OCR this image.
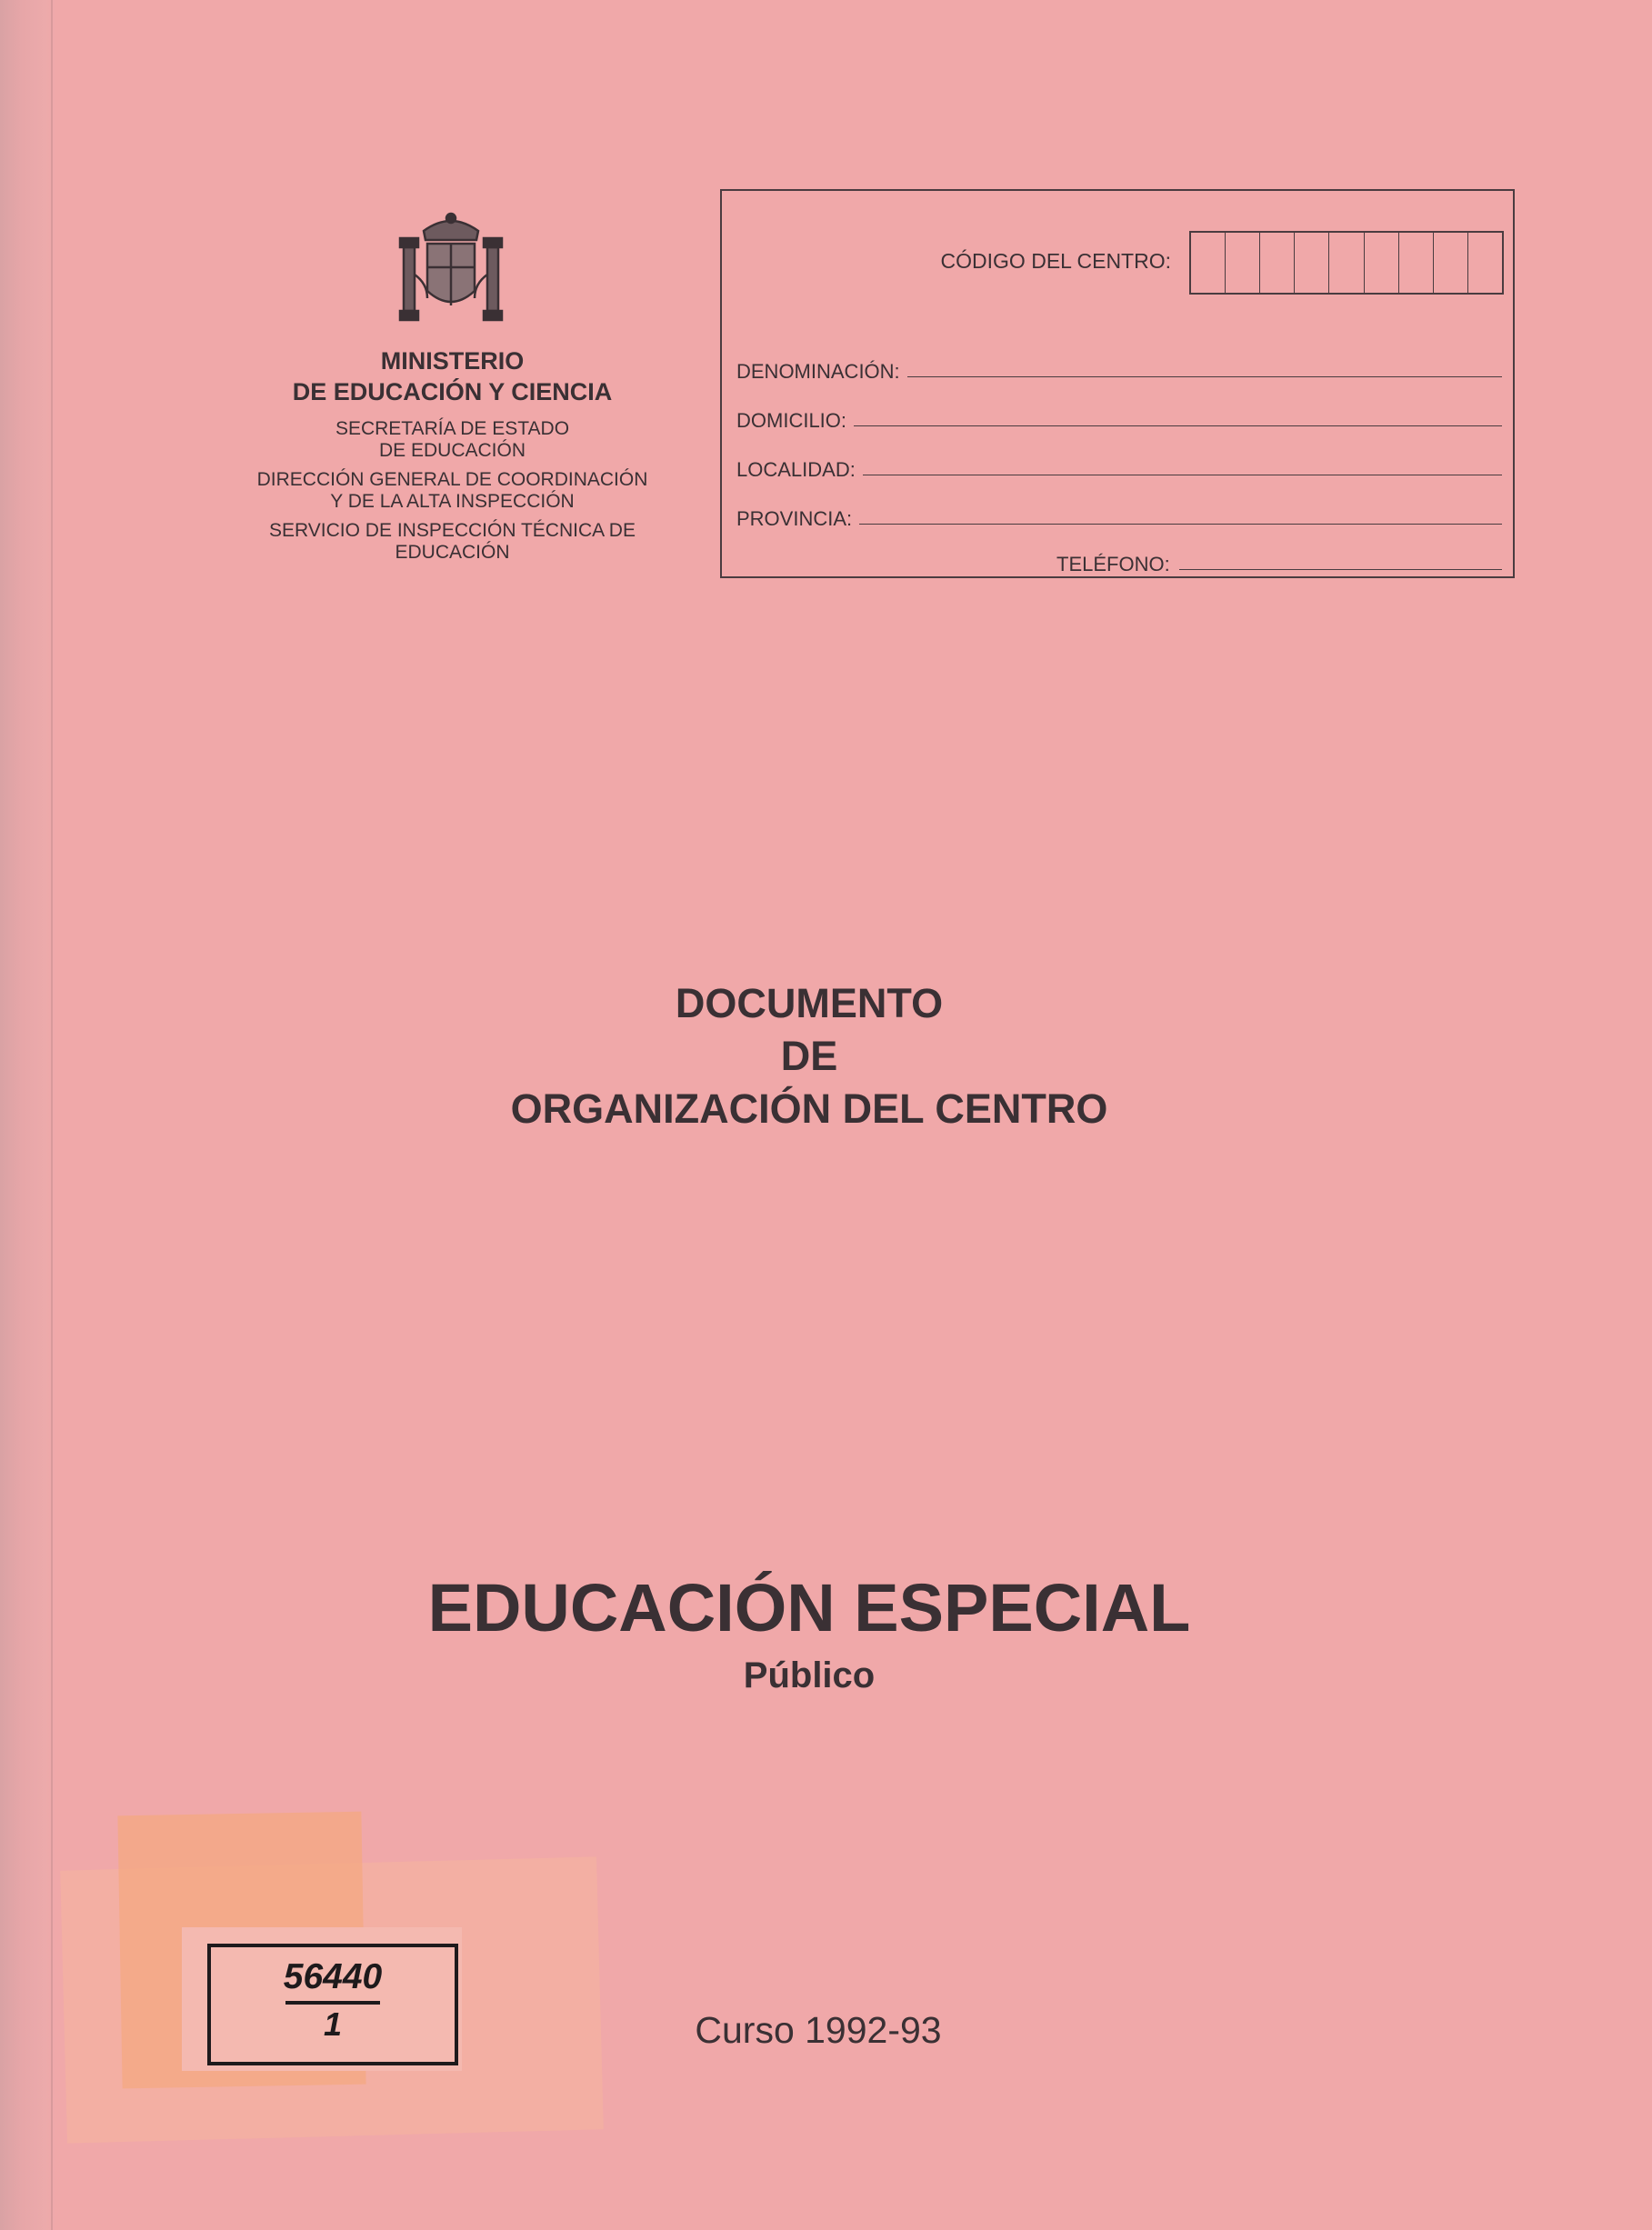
MINISTERIO
DE EDUCACIÓN Y CIENCIA
SECRETARÍA DE ESTADO
DE EDUCACIÓN
DIRECCIÓN GENERAL DE COORDINACIÓN
Y DE LA ALTA INSPECCIÓN
SERVICIO DE INSPECCIÓN TÉCNICA DE
EDUCACIÓN
CÓDIGO DEL CENTRO:
DENOMINACIÓN:
DOMICILIO:
LOCALIDAD:
PROVINCIA:
TELÉFONO:
DOCUMENTO
DE
ORGANIZACIÓN DEL CENTRO
EDUCACIÓN ESPECIAL
Público
56440
1	Curso 1992-93
